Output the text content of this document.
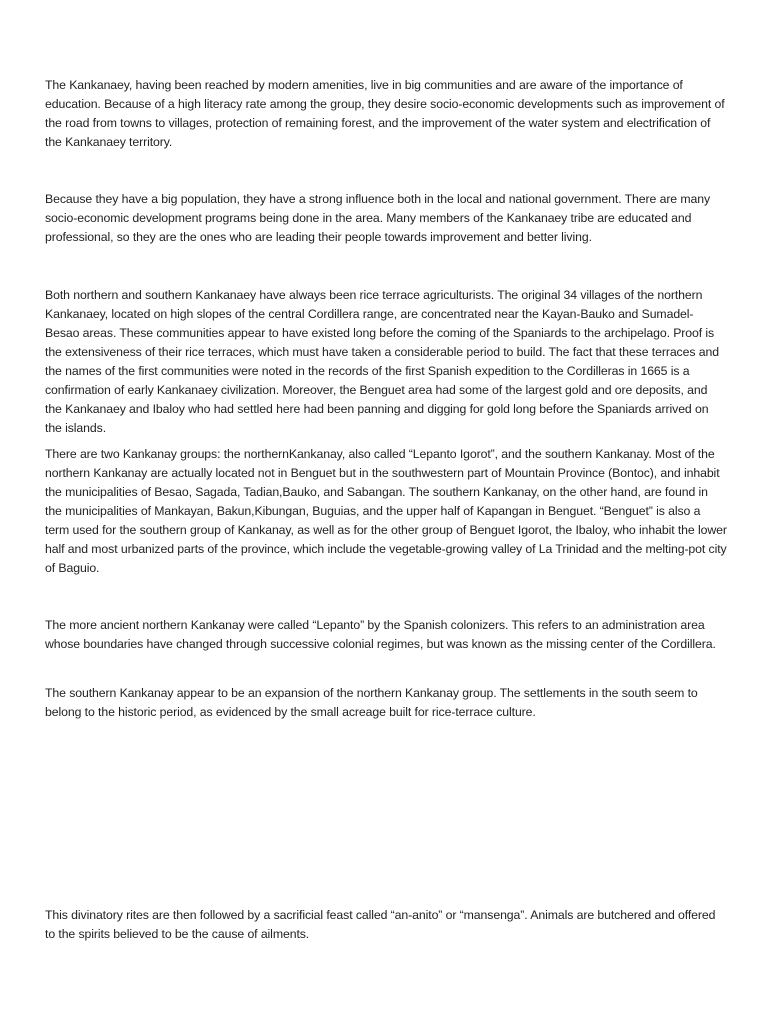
The Kankanaey, having been reached by modern amenities, live in big communities and are aware of the importance of education. Because of a high literacy rate among the group, they desire socio-economic developments such as improvement of the road from towns to villages, protection of remaining forest, and the improvement of the water system and electrification of the Kankanaey territory.

Because they have a big population, they have a strong influence both in the local and national government. There are many socio-economic development programs being done in the area. Many members of the Kankanaey tribe are educated and professional, so they are the ones who are leading their people towards improvement and better living.

Both northern and southern Kankanaey have always been rice terrace agriculturists. The original 34 villages of the northern Kankanaey, located on high slopes of the central Cordillera range, are concentrated near the Kayan-Bauko and Sumadel-Besao areas. These communities appear to have existed long before the coming of the Spaniards to the archipelago. Proof is the extensiveness of their rice terraces, which must have taken a considerable period to build. The fact that these terraces and the names of the first communities were noted in the records of the first Spanish expedition to the Cordilleras in 1665 is a confirmation of early Kankanaey civilization. Moreover, the Benguet area had some of the largest gold and ore deposits, and the Kankanaey and Ibaloy who had settled here had been panning and digging for gold long before the Spaniards arrived on the islands.

There are two Kankanay groups: the northernKankanay, also called “Lepanto Igorot”, and the southern Kankanay. Most of the northern Kankanay are actually located not in Benguet but in the southwestern part of Mountain Province (Bontoc), and inhabit the municipalities of Besao, Sagada, Tadian,Bauko, and Sabangan. The southern Kankanay, on the other hand, are found in the municipalities of Mankayan, Bakun,Kibungan, Buguias, and the upper half of Kapangan in Benguet. “Benguet” is also a term used for the southern group of Kankanay, as well as for the other group of Benguet Igorot, the Ibaloy, who inhabit the lower half and most urbanized parts of the province, which include the vegetable-growing valley of La Trinidad and the melting-pot city of Baguio.

The more ancient northern Kankanay were called “Lepanto” by the Spanish colonizers. This refers to an administration area whose boundaries have changed through successive colonial regimes, but was known as the missing center of the Cordillera.

The southern Kankanay appear to be an expansion of the northern Kankanay group. The settlements in the south seem to belong to the historic period, as evidenced by the small acreage built for rice-terrace culture.

This divinatory rites are then followed by a sacrificial feast called “an-anito” or “mansenga”. Animals are butchered and offered to the spirits believed to be the cause of ailments.
